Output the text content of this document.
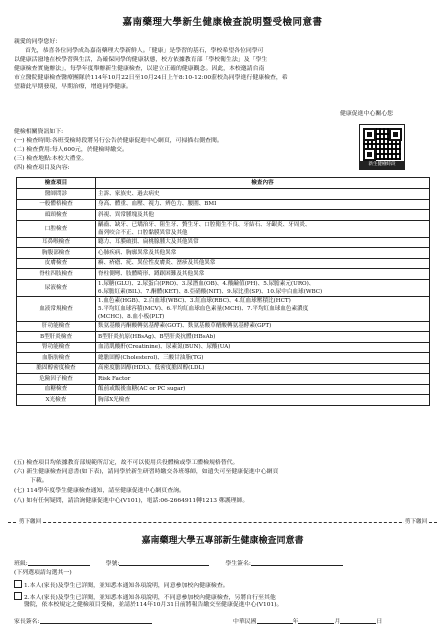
嘉南藥理大學新生健康檢查說明暨受檢同意書
親愛的同學您好：
首先，恭喜各位同學成為嘉南藥理大學新鮮人。「健康」是學習的基石，學校希望各位同學可
以健康活潑地在校學習與生活，為確保同學的健康狀態，校方依據教育部「學校衛生法」及「學生
健康檢查實施辦法」，每學年度舉辦新生健康檢查，以建立正確的健康觀念。因此，本校邀請台南
市立醫院健康檢查醫療團隊於114年10月22日至10月24日上午8:10-12:00蒞校為同學進行健康檢查，希
望藉此早期發現，早期治療，增進同學健康。
健康促進中心關心您
健檢相關資訊如下:
(一) 檢查時間:各班受檢時段將另行公告於健康促進中心網頁，可掃描右側查閱。
(二) 檢查費用:每人600元，於健檢時繳交。
(三) 檢查地點:本校大禮堂。
(四) 檢查項目及內容:
新生健檢時段
檢查項目	檢查內容
醫師問診	主訴、家族史、過去病史
一般體格檢查	身高、體重、血壓、視力、辨色力、腰圍、BMI
頭頸檢查	斜視、異常腫塊及其他
口腔檢查	齲齒、缺牙、已矯治牙、阻生牙、贅生牙、口腔衛生不良、牙結石、牙齦炎、牙周炎、
齒列咬合不正、口腔黏膜異常及其他

耳鼻喉檢查	聽力、耳膜破損、扁桃腺腫大及其他異常
胸腹部檢查	心肺疾病、胸廓異常及其他異常
皮膚檢查	癬、疥瘡、疣、異位性皮膚炎、溼疹及其他異常
脊柱四肢檢查	脊柱側彎、肢體畸形、蹲踞困難及其他異常
尿液檢查	1.尿糖(GLU)、2.尿蛋白(PRO)、3.尿潛血(OB)、4.酸鹼值(PH)、5.尿膽素元(URO)、
6.尿膽紅素(BIL)、7.酮體(KET)、8.亞硝酸(NIT)、9.尿比重(SP)、10.尿中白血球(WBC)

血液常規檢查	1.血色素(HGB)、2.白血球(WBC)、3.紅血球(RBC)、4.紅血球壓積比(HCT)
5.平均紅血球容積(MCV)、6.平均紅血球血色素量(MCH)、7.平均紅血球血色素濃度
(MCHC)、8.血小板(PLT)

肝功能檢查	麩氨基酸丙酮酸轉氨基酵素(GOT)、麩氨基酸草醋酸轉氨基酵素(GPT)
B型肝炎檢查	B型肝炎抗原(HBsAg)、B型肝炎抗體(HBsAb)
腎功能檢查	血清肌酸酐(Creatinine)、尿素氮(BUN)、尿酸(UA)
血脂肪檢查	總膽固醇(Cholesterol)、三酸甘油脂(TG)
膽固醇密度檢查	高密度膽固醇(HDL)、低密度膽固醇(LDL)
危險因子檢查	Risk Factor
血糖檢查	飯前或飯後血糖(AC or PC sugar)
X光檢查	胸部X光檢查
(五) 檢查項目均依據教育部規範所訂定，故不可以使用兵役體檢或學工體檢規格替代。
(六) 新生健康檢查同意書(如下表)，請同學於新生研習時繳交各班導師，如遺失可至健康促進中心網頁
下載。
(七) 114學年度學生健康檢查通知，請至健康促進中心網頁查詢。
(八) 如有任何疑問，請洽詢健康促進中心(V101)，電話:06-2664911轉1213 鄭護理師。
剪下繳回	剪下繳回
嘉南藥理大學五專部新生健康檢查同意書
班級:	學號:	學生簽名:
(下列選項請勾選其一)
1.本人(家長)及學生已詳閱，並知悉本通知各項說明，同意參加校內健康檢查。
2.本人(家長)及學生已詳閱，並知悉本通知各項說明，不同意參加校內健康檢查，另將自行至其他
醫院，依本校規定之健檢項目受檢，並請於114年10月31日前將報告繳交至健康促進中心(V101)。
家長簽名:	中華民國	年	月	日
